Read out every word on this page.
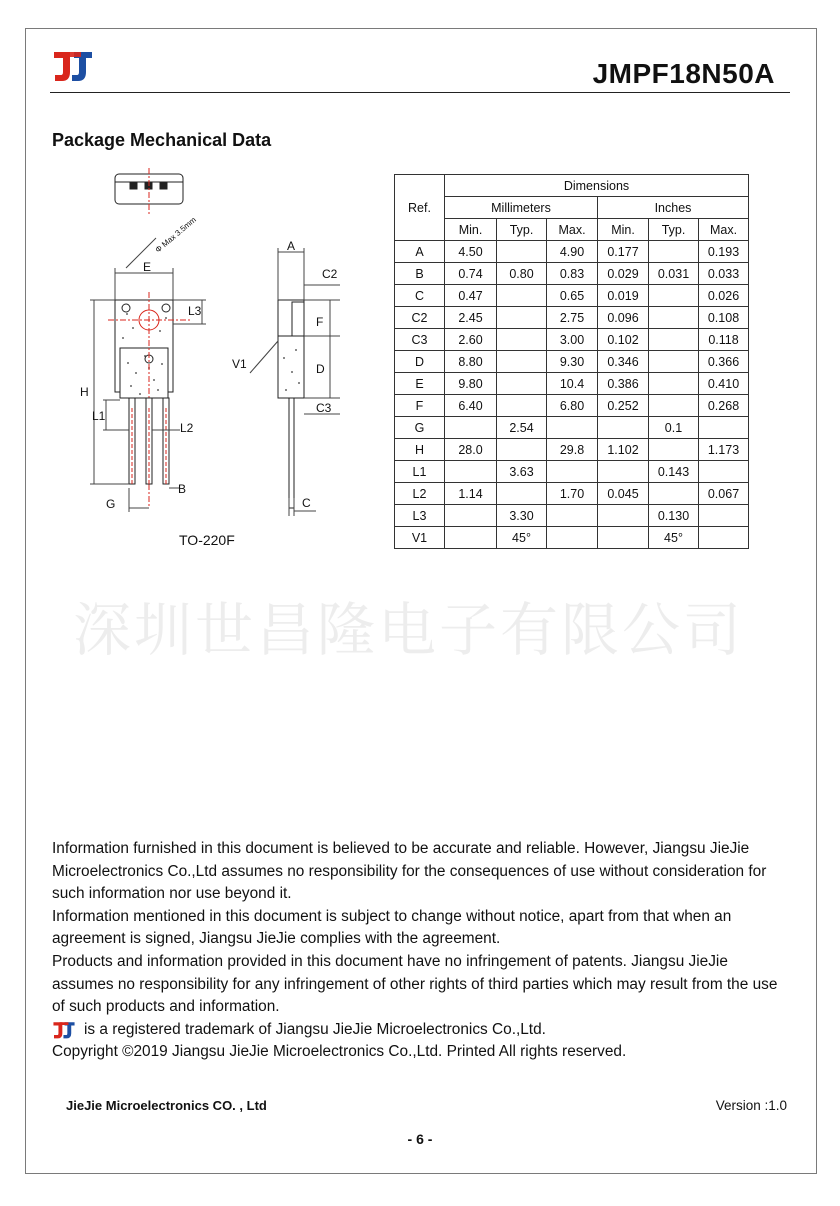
JMPF18N50A
Package Mechanical Data
E
L3
H
L1
L2
B
G
Φ Max 3.5mm	A
C2
F
D
C3
C
V1
TO-220F
Ref.	Dimensions					
	Millimeters			Inches		
	Min.	Typ.	Max.	Min.	Typ.	Max.
A	4.50		4.90	0.177		0.193
B	0.74	0.80	0.83	0.029	0.031	0.033
C	0.47		0.65	0.019		0.026
C2	2.45		2.75	0.096		0.108
C3	2.60		3.00	0.102		0.118
D	8.80		9.30	0.346		0.366
E	9.80		10.4	0.386		0.410
F	6.40		6.80	0.252		0.268
G		2.54			0.1	
H	28.0		29.8	1.102		1.173
L1		3.63			0.143	
L2	1.14		1.70	0.045		0.067
L3		3.30			0.130	
V1		45°			45°	
深圳世昌隆电子有限公司

Information furnished in this document is believed to be accurate and reliable. However, Jiangsu JieJie Microelectronics Co.,Ltd assumes no responsibility for the consequences of use without consideration for such information nor use beyond it.

Information mentioned in this document is subject to change without notice, apart from that when an agreement is signed, Jiangsu JieJie complies with the agreement.

Products and information provided in this document have no infringement of patents. Jiangsu JieJie assumes no responsibility for any infringement of other rights of third parties which may result from the use of such products and information.

is a registered trademark of Jiangsu JieJie Microelectronics Co.,Ltd.

Copyright ©2019 Jiangsu JieJie Microelectronics Co.,Ltd. Printed All rights reserved.

JieJie Microelectronics CO. , Ltd	Version :1.0
- 6 -
